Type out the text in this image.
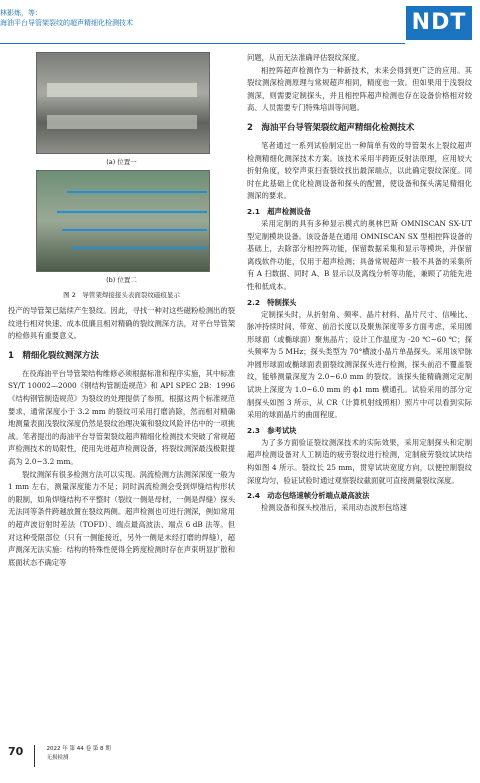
林影炼，等：
海油平台导管架裂纹的超声精细化检测技术	NDT
(a) 位置一
(b) 位置二
图 2　导管架焊接接头表面裂纹磁痕显示

投产的导管架已陆续产生裂纹。因此，寻找一种对这些磁粉检测出的裂纹进行相对快速、成本低廉且相对精确的裂纹测深方法，对平台导管架的检修具有重要意义。

1　精细化裂纹测深方法

在役海油平台导管架结构维修必须根据标准和程序实施，其中标准 SY/T 10002—2000《钢结构管制造规范》和 API SPEC 2B：1996《结构钢管制造规范》为裂纹的处理提供了参照。根据这两个标准规范要求，通常深度小于 3.2 mm 的裂纹可采用打磨消除，然而相对精确地测量表面浅裂纹深度仍然是裂纹治理决策和裂纹风险评估中的一项挑战。笔者提出的海油平台导管架裂纹超声精细化检测技术突破了常规超声检测技术的局限性，使用先进超声检测设备，将裂纹测深最浅极限提高为 2.0~3.2 mm。

裂纹测深有很多检测方法可以实现。涡流检测方法测深深度一般为 1 mm 左右，测量深度能力不足；同时涡流检测会受到焊缝结构形状的限制，如角焊缝结构不平整时（裂纹一侧是母材，一侧是焊缝）探头无法同等条件跨越放置在裂纹两侧。超声检测也可进行测深，例如常用的超声波衍射时差法（TOFD）、端点最高波法、端点 6 dB 法等。但对这种受限部位（只有一侧能接近，另外一侧是未经打磨的焊缝），超声测深无法实施：结构的特殊性使得全跨度检测时存在声束明显扩散和底面状态不确定等

问题，从而无法准确评估裂纹深度。

相控阵超声检测作为一种新技术，未来会得到更广泛的应用。其裂纹测深检测原理与常规超声相同，精度也一致。但如果用于浅裂纹测深，则需要定制探头，并且相控阵超声检测也存在设备价格相对较高、人员需要专门特殊培训等问题。

2　海油平台导管架裂纹超声精细化检测技术

笔者通过一系列试验制定出一种简单有效的导管架水上裂纹超声检测精细化测深技术方案。该技术采用半跨距反射法原理，应用较大折射角度，较窄声束扫查裂纹找出最深端点，以此确定裂纹深度。同时在此基础上优化检测设备和探头的配置，使设备和探头满足精细化测深的要求。

2.1　超声检测设备

采用定制的具有多种显示模式的奥林巴斯 OMNISCAN SX-UT 型定制模块设备。该设备是在通用 OMNISCAN SX 型相控阵设备的基础上，去除部分相控阵功能，保留数据采集和显示等模块，并保留离线软件功能，仅用于超声检测；具备常规超声一般不具备的采集所有 A 扫数据、同时 A、B 显示以及离线分析等功能，兼顾了功能先进性和低成本。

2.2　特制探头

定制探头时，从折射角、频率、晶片材料、晶片尺寸、信噪比、脉冲持续时间、带宽、前沿长度以及聚焦深度等多方面考虑，采用圆形球面（或椭球面）聚焦晶片；设计工作温度为 -20 ℃~60 ℃；探头频率为 5 MHz；探头类型为 70°横波小晶片单晶探头。采用该窄脉冲圆形球面或椭球面表面裂纹测深探头进行检测，探头前沿不覆盖裂纹，能够测量深度为 2.0~6.0 mm 的裂纹。该探头能精确测定定制试块上深度为 1.0~6.0 mm 的 ϕ1 mm 横通孔。试验采用的部分定制探头如图 3 所示，从 CR（计算机射线照相）照片中可以看到实际采用的球面晶片的曲面程度。

2.3　参考试块

为了多方面验证裂纹测深技术的实际效果，采用定制探头和定制超声检测设备对人工制造的疲劳裂纹进行检测，定制疲劳裂纹试块结构如图 4 所示。裂纹长 25 mm，贯穿试块宽度方向，以便控制裂纹深度均匀，验证试验时通过观察裂纹截面就可直接测量裂纹深度。

2.4　动态包络速帧分析端点最高波法

检测设备和探头校准后，采用动态波形包络速

70	2022 年 第 44 卷 第 8 期
无损检测
